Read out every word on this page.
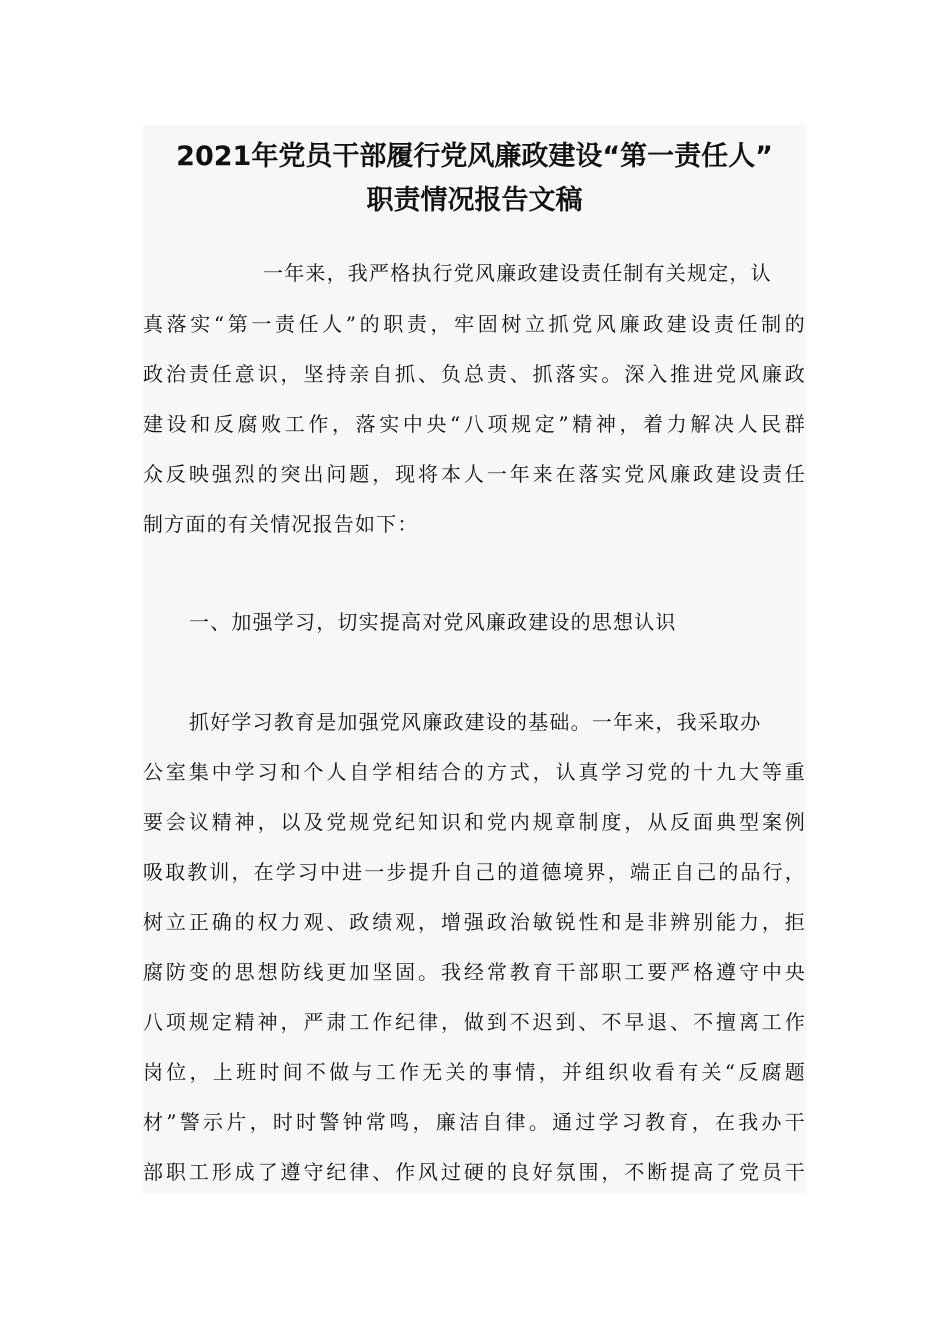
2021年党员干部履行党风廉政建设“第一责任人”
职责情况报告文稿

一年来，我严格执行党风廉政建设责任制有关规定，认

真落实“第一责任人”的职责，牢固树立抓党风廉政建设责任制的

政治责任意识，坚持亲自抓、负总责、抓落实。深入推进党风廉政

建设和反腐败工作，落实中央“八项规定”精神，着力解决人民群

众反映强烈的突出问题，现将本人一年来在落实党风廉政建设责任

制方面的有关情况报告如下：

一、加强学习，切实提高对党风廉政建设的思想认识

抓好学习教育是加强党风廉政建设的基础。一年来，我采取办

公室集中学习和个人自学相结合的方式，认真学习党的十九大等重

要会议精神，以及党规党纪知识和党内规章制度，从反面典型案例

吸取教训，在学习中进一步提升自己的道德境界，端正自己的品行，

树立正确的权力观、政绩观，增强政治敏锐性和是非辨别能力，拒

腐防变的思想防线更加坚固。我经常教育干部职工要严格遵守中央

八项规定精神，严肃工作纪律，做到不迟到、不早退、不擅离工作

岗位，上班时间不做与工作无关的事情，并组织收看有关“反腐题

材”警示片，时时警钟常鸣，廉洁自律。通过学习教育，在我办干

部职工形成了遵守纪律、作风过硬的良好氛围，不断提高了党员干
